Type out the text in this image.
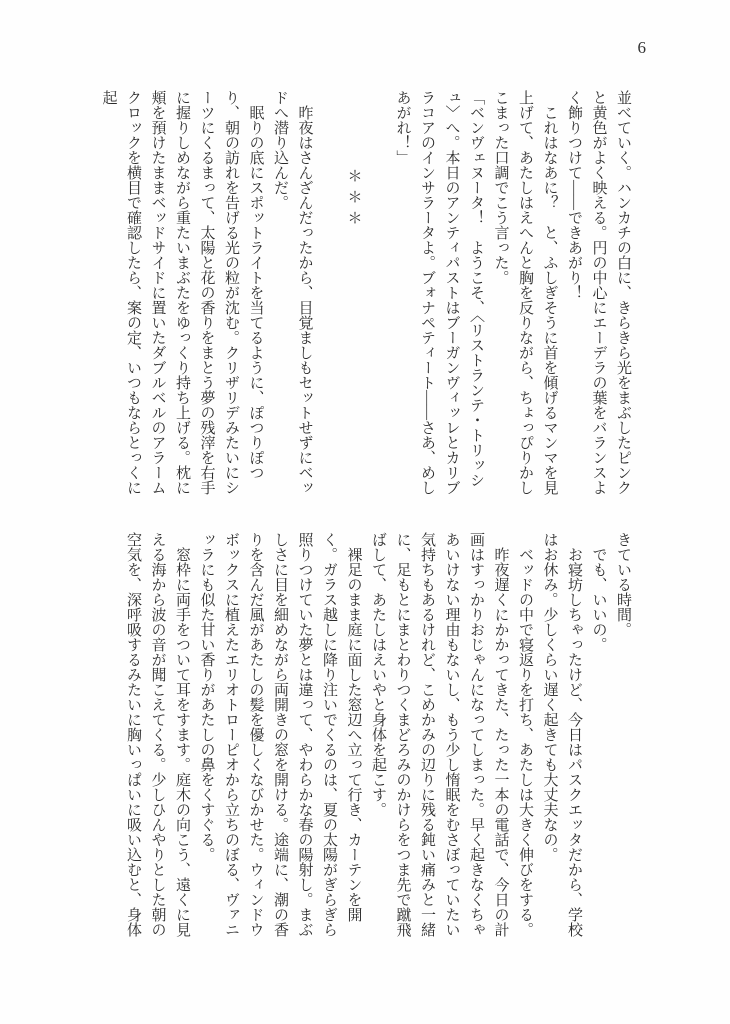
6

並べていく。ハンカチの白に、きらきら光をまぶしたピンクと黄色がよく映える。円の中心にエーデラの葉をバランスよく飾りつけて――できあがり！

これはなあに？　と、ふしぎそうに首を傾げるマンマを見上げて、あたしはえへんと胸を反りながら、ちょっぴりかしこまった口調でこう言った。

「ベンヴェヌータ！　ようこそ、〈リストランテ・トリッシュ〉へ。本日のアンティパストはブーガンヴィッレとカリブラコアのインサラータよ。ブォナペティート――さあ、めしあがれ！」

＊＊＊

昨夜はさんざんだったから、目覚ましもセットせずにベッドへ潜り込んだ。

眠りの底にスポットライトを当てるように、ぽつりぽつり、朝の訪れを告げる光の粒が沈む。クリザリデみたいにシーツにくるまって、太陽と花の香りをまとう夢の残滓を右手に握りしめながら重たいまぶたをゆっくり持ち上げる。枕に頬を預けたままベッドサイドに置いたダブルベルのアラームクロックを横目で確認したら、案の定、いつもならとっくに起

きている時間。

でも、いいの。

お寝坊しちゃったけど、今日はパスクエッタだから、学校はお休み。少しくらい遅く起きても大丈夫なの。

ベッドの中で寝返りを打ち、あたしは大きく伸びをする。

昨夜遅くにかかってきた、たった一本の電話で、今日の計画はすっかりおじゃんになってしまった。早く起きなくちゃあいけない理由もないし、もう少し惰眠をむさぼっていたい気持ちもあるけれど、こめかみの辺りに残る鈍い痛みと一緒に、足もとにまとわりつくまどろみのかけらをつま先で蹴飛ばして、あたしはえいやと身体を起こす。

裸足のまま庭に面した窓辺へ立って行き、カーテンを開く。ガラス越しに降り注いでくるのは、夏の太陽がぎらぎら照りつけていた夢とは違って、やわらかな春の陽射し。まぶしさに目を細めながら両開きの窓を開ける。途端に、潮の香りを含んだ風があたしの髪を優しくなびかせた。ウィンドウボックスに植えたエリオトローピオから立ちのぼる、ヴァニッラにも似た甘い香りがあたしの鼻をくすぐる。

窓枠に両手をついて耳をすます。庭木の向こう、遠くに見える海から波の音が聞こえてくる。少しひんやりとした朝の空気を、深呼吸するみたいに胸いっぱいに吸い込むと、身体
